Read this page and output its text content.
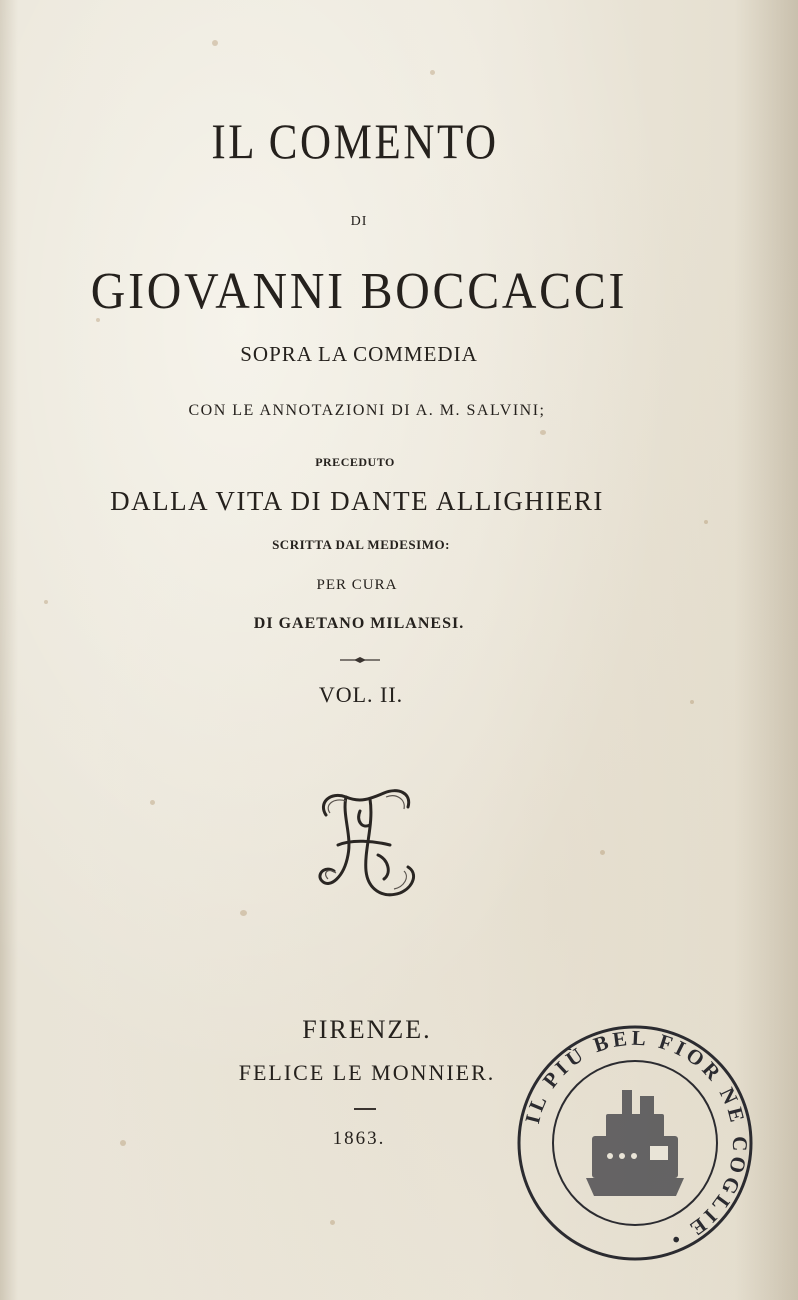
IL COMENTO
DI
GIOVANNI BOCCACCI
SOPRA LA COMMEDIA
CON LE ANNOTAZIONI DI A. M. SALVINI;
PRECEDUTO
DALLA VITA DI DANTE ALLIGHIERI
SCRITTA DAL MEDESIMO:
PER CURA
DI GAETANO MILANESI.
VOL. II.
FIRENZE.
FELICE LE MONNIER.
1863.
IL PIÙ BEL FIOR NE COGLIE •
